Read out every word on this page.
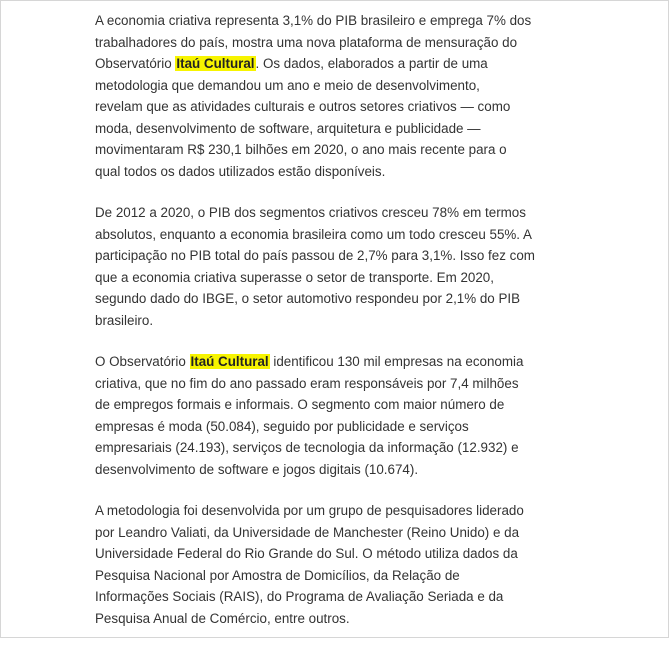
A economia criativa representa 3,1% do PIB brasileiro e emprega 7% dos
trabalhadores do país, mostra uma nova plataforma de mensuração do
Observatório Itaú Cultural. Os dados, elaborados a partir de uma
metodologia que demandou um ano e meio de desenvolvimento,
revelam que as atividades culturais e outros setores criativos — como
moda, desenvolvimento de software, arquitetura e publicidade —
movimentaram R$ 230,1 bilhões em 2020, o ano mais recente para o
qual todos os dados utilizados estão disponíveis.

De 2012 a 2020, o PIB dos segmentos criativos cresceu 78% em termos
absolutos, enquanto a economia brasileira como um todo cresceu 55%. A
participação no PIB total do país passou de 2,7% para 3,1%. Isso fez com
que a economia criativa superasse o setor de transporte. Em 2020,
segundo dado do IBGE, o setor automotivo respondeu por 2,1% do PIB
brasileiro.

O Observatório Itaú Cultural identificou 130 mil empresas na economia
criativa, que no fim do ano passado eram responsáveis por 7,4 milhões
de empregos formais e informais. O segmento com maior número de
empresas é moda (50.084), seguido por publicidade e serviços
empresariais (24.193), serviços de tecnologia da informação (12.932) e
desenvolvimento de software e jogos digitais (10.674).

A metodologia foi desenvolvida por um grupo de pesquisadores liderado
por Leandro Valiati, da Universidade de Manchester (Reino Unido) e da
Universidade Federal do Rio Grande do Sul. O método utiliza dados da
Pesquisa Nacional por Amostra de Domicílios, da Relação de
Informações Sociais (RAIS), do Programa de Avaliação Seriada e da
Pesquisa Anual de Comércio, entre outros.
